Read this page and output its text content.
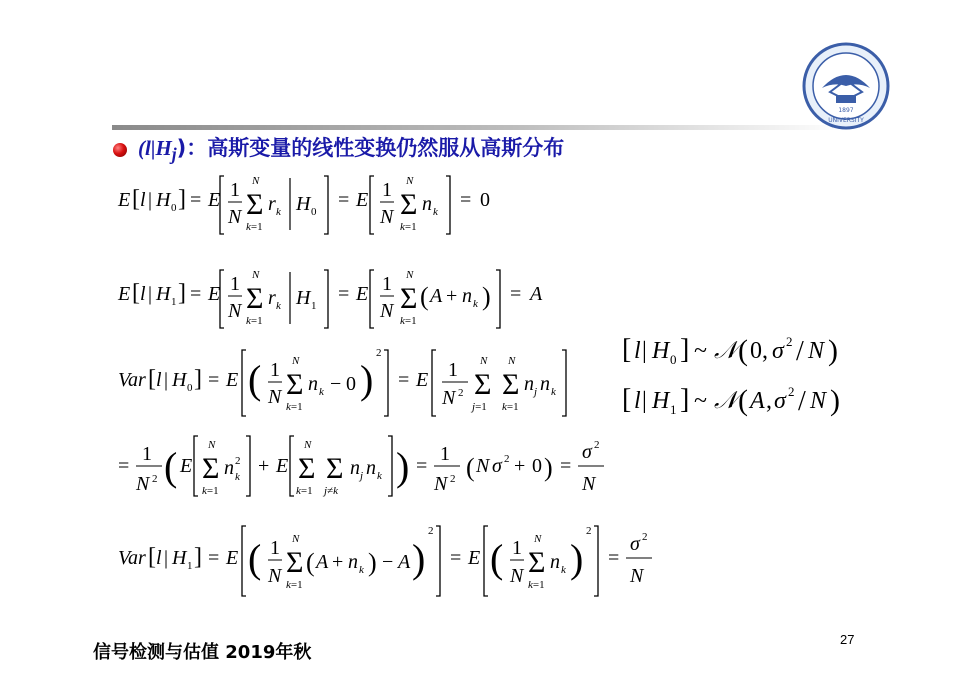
1897
UNIVERSITY
$(l|H_j)$：高斯变量的线性变换仍然服从高斯分布
E [ l | H 0 ] = E 1
N Σ
N
k=1
r k H 0
= E 1
N Σ
N
k=1
n k
= 0
E [ l | H 1 ] = E 1
N Σ
N
k=1
r k H 1
= E 1
N Σ
N
k=1
( A + n k ) = A
Var [ l | H 0 ] = E ( 1
N Σ
N
k=1
n k − 0 )
2
= E 1
N 2 Σ
N
j=1
Σ
N
k=1
n j n k
[ l | H 0 ] ~ 𝒩 ( 0, σ 2 / N )
[ l | H 1 ] ~ 𝒩 ( A , σ 2 / N )
=
1
N 2 ( E Σ
N
k=1
n 2
k + E Σ
N
k=1
Σ
j≠k
n j n k ) =
1
N 2 ( N σ 2 + 0 ) =
σ 2
N
Var [ l | H 1 ] = E ( 1
N Σ
N
k=1
( A + n k ) − A )
2
= E ( 1
N Σ
N
k=1
n k )
2
=
σ 2
N
信号检测与估值 2019年秋
27
